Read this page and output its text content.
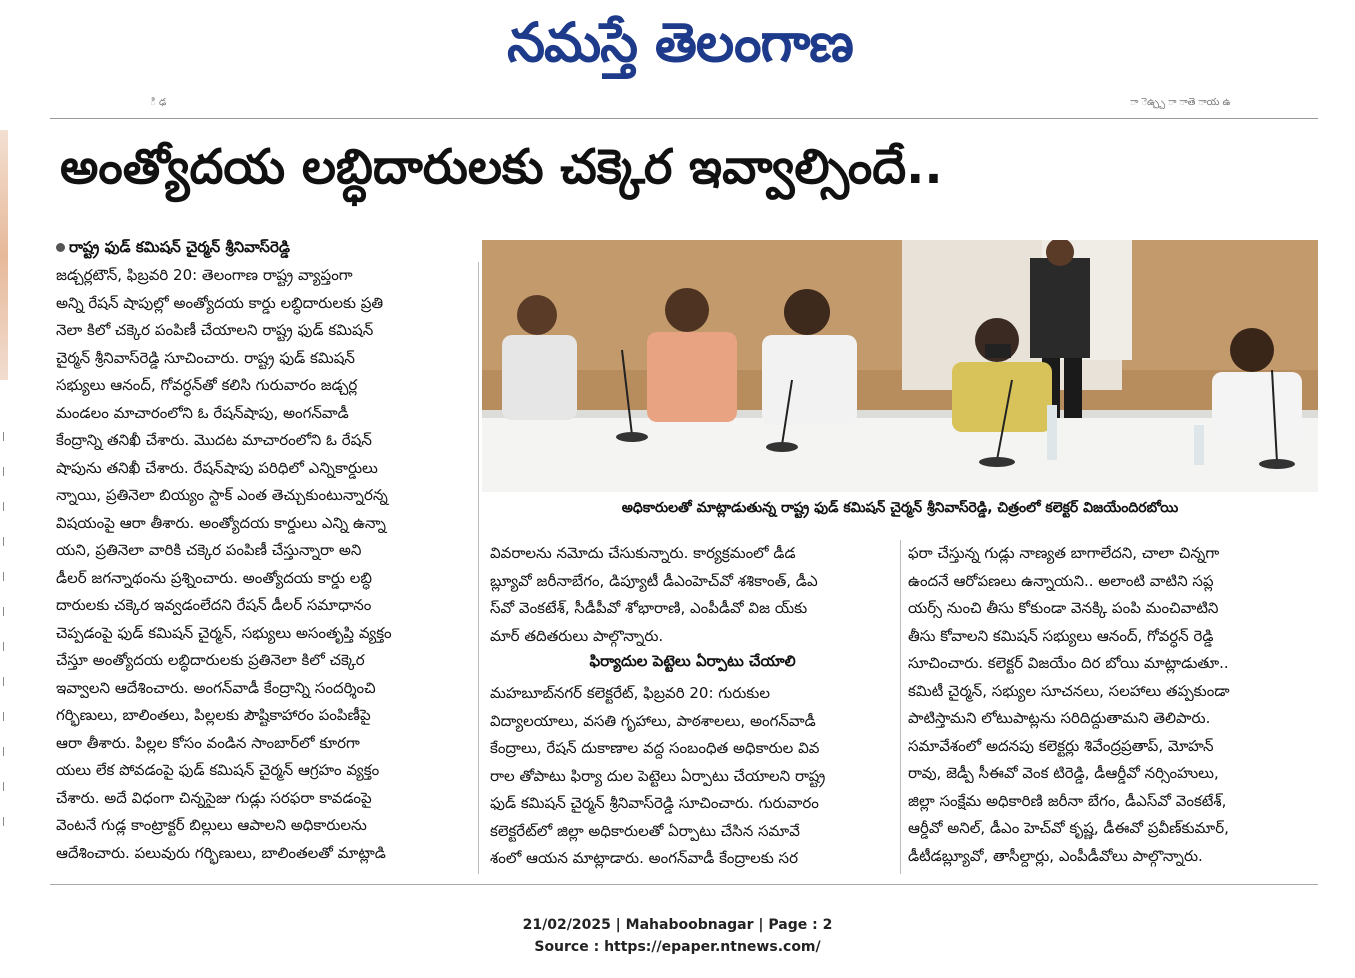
నమస్తే తెలంగాణ
ి ఢ	ా ెఉ్చ్చ ా ాతె ాయ ఉ
|
|
|
|
|
|
|
|
|
|
|
|
అంత్యోదయ లబ్ధిదారులకు చక్కెర ఇవ్వాల్సిందే..
రాష్ట్ర ఫుడ్ కమిషన్ చైర్మన్ శ్రీనివాస్‌రెడ్డి

జడ్చర్లటౌన్, ఫిబ్రవరి 20: తెలంగాణ రాష్ట్ర వ్యాప్తంగా

అన్ని రేషన్ షాపుల్లో అంత్యోదయ కార్డు లబ్ధిదారులకు ప్రతి

నెలా కిలో చక్కెర పంపిణీ చేయాలని రాష్ట్ర ఫుడ్ కమిషన్

చైర్మన్ శ్రీనివాస్‌రెడ్డి సూచించారు. రాష్ట్ర ఫుడ్ కమిషన్

సభ్యులు ఆనంద్, గోవర్ధన్‌తో కలిసి గురువారం జడ్చర్ల

మండలం మాచారంలోని ఓ రేషన్‌షాపు, అంగన్‌వాడీ

కేంద్రాన్ని తనిఖీ చేశారు. మొదట మాచారంలోని ఓ రేషన్

షాపును తనిఖీ చేశారు. రేషన్‌షాపు పరిధిలో ఎన్నికార్డులు

న్నాయి, ప్రతినెలా బియ్యం స్టాక్ ఎంత తెచ్చుకుంటున్నారన్న

విషయంపై ఆరా తీశారు. అంత్యోదయ కార్డులు ఎన్ని ఉన్నా

యని, ప్రతినెలా వారికి చక్కెర పంపిణీ చేస్తున్నారా అని

డీలర్ జగన్నాథంను ప్రశ్నించారు. అంత్యోదయ కార్డు లబ్ధి

దారులకు చక్కెర ఇవ్వడంలేదని రేషన్ డీలర్ సమాధానం

చెప్పడంపై ఫుడ్ కమిషన్ చైర్మన్, సభ్యులు అసంతృప్తి వ్యక్తం

చేస్తూ అంత్యోదయ లబ్ధిదారులకు ప్రతినెలా కిలో చక్కెర

ఇవ్వాలని ఆదేశించారు. అంగన్‌వాడీ కేంద్రాన్ని సందర్శించి

గర్భిణులు, బాలింతలు, పిల్లలకు పౌష్టికాహారం పంపిణీపై

ఆరా తీశారు. పిల్లల కోసం వండిన సాంబార్‌లో కూరగా

యలు లేక పోవడంపై ఫుడ్ కమిషన్ చైర్మన్ ఆగ్రహం వ్యక్తం

చేశారు. అదే విధంగా చిన్నసైజు గుడ్లు సరఫరా కావడంపై

వెంటనే గుడ్ల కాంట్రాక్టర్ బిల్లులు ఆపాలని అధికారులను

ఆదేశించారు. పలువురు గర్భిణులు, బాలింతలతో మాట్లాడి

అధికారులతో మాట్లాడుతున్న రాష్ట్ర ఫుడ్ కమిషన్ చైర్మన్ శ్రీనివాస్‌రెడ్డి, చిత్రంలో కలెక్టర్ విజయేందిరబోయి

వివరాలను నమోదు చేసుకున్నారు. కార్యక్రమంలో డీడ

బ్ల్యూవో జరీనాబేగం, డిప్యూటీ డీఎంహెచ్‌వో శశికాంత్, డీఎ

స్‌వో వెంకటేశ్, సీడీపీవో శోభారాణి, ఎంపీడీవో విజ య్‌కు

మార్ తదితరులు పాల్గొన్నారు.

ఫిర్యాదుల పెట్టెలు ఏర్పాటు చేయాలి

మహబూబ్‌నగర్ కలెక్టరేట్, ఫిబ్రవరి 20: గురుకుల

విద్యాలయాలు, వసతి గృహాలు, పాఠశాలలు, అంగన్‌వాడీ

కేంద్రాలు, రేషన్ దుకాణాల వద్ద సంబంధిత అధికారుల వివ

రాల తోపాటు ఫిర్యా దుల పెట్టెలు ఏర్పాటు చేయాలని రాష్ట్ర

ఫుడ్ కమిషన్ చైర్మన్ శ్రీనివాస్‌రెడ్డి సూచించారు. గురువారం

కలెక్టరేట్‌లో జిల్లా అధికారులతో ఏర్పాటు చేసిన సమావే

శంలో ఆయన మాట్లాడారు. అంగన్‌వాడీ కేంద్రాలకు సర

ఫరా చేస్తున్న గుడ్లు నాణ్యత బాగాలేదని, చాలా చిన్నగా

ఉందనే ఆరోపణలు ఉన్నాయని.. అలాంటి వాటిని సప్ల

యర్స్ నుంచి తీసు కోకుండా వెనక్కి పంపి మంచివాటిని

తీసు కోవాలని కమిషన్ సభ్యులు ఆనంద్, గోవర్ధన్ రెడ్డి

సూచించారు. కలెక్టర్ విజయేం దిర బోయి మాట్లాడుతూ..

కమిటీ చైర్మన్, సభ్యుల సూచనలు, సలహాలు తప్పకుండా

పాటిస్తామని లోటుపాట్లను సరిదిద్దుతామని తెలిపారు.

సమావేశంలో అదనపు కలెక్టర్లు శివేంద్రప్రతాప్, మోహన్

రావు, జెడ్పీ సీఈవో వెంక టిరెడ్డి, డీఆర్డీవో నర్సింహులు,

జిల్లా సంక్షేమ అధికారిణి జరీనా బేగం, డీఎస్‌వో వెంకటేశ్,

ఆర్డీవో అనిల్, డీఎం హెచ్‌వో కృష్ణ, డీఈవో ప్రవీణ్‌కుమార్,

డీటీడబ్ల్యూవో, తాసీల్దార్లు, ఎంపీడీవోలు పాల్గొన్నారు.

21/02/2025 | Mahaboobnagar | Page : 2
Source : https://epaper.ntnews.com/
